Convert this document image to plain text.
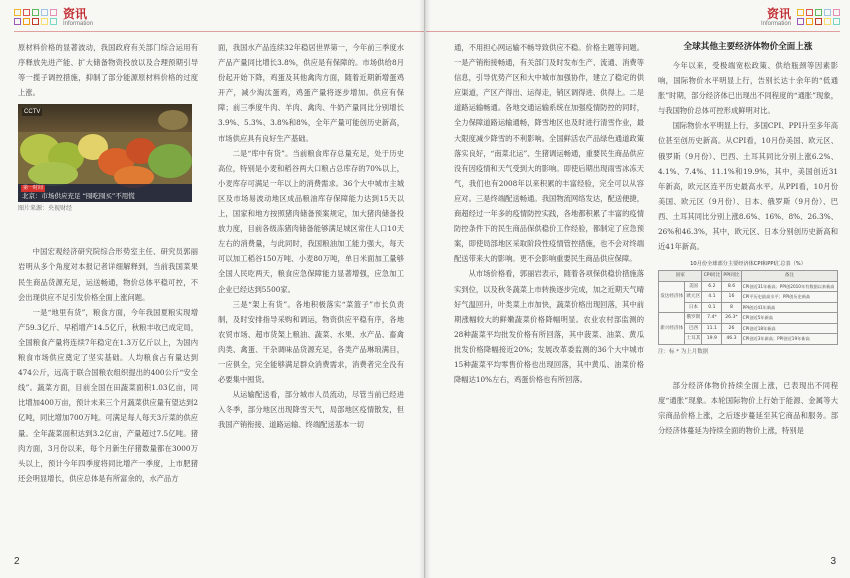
资讯
Information

原材料价格的显著波动，我国政府有关部门综合运用有序释放先进产能、扩大储备物资投放以及合理预期引导等一揽子调控措施，抑制了部分能源原材料价格的过度上涨。

CCTV
第一时间
北京：市场供应充足 “囤吃囤买”不用慌
图片来源：央视财经

中国宏观经济研究院综合形势室主任、研究员郭丽岩明从多个角度对本报记者详细解释到，当前我国菜果民生商品货源充足，运送畅通，物价总体平稳可控，不会出现供应不足引发价格全面上涨问题。

一是“地里有货”，粮食方面，今年我国夏粮实现增产59.3亿斤、早稻增产14.5亿斤，秋粮丰收已成定局，全国粮食产量将连续7年稳定在1.3万亿斤以上，为国内粮食市场供应奠定了坚实基础。人均粮食占有量达到474公斤，远高于联合国粮农组织提出的400公斤“安全线”。蔬菜方面，目前全国在田蔬菜面积1.03亿亩，同比增加400万亩，预计未来三个月蔬菜供应量有望达到2亿吨，同比增加700万吨。可满足每人每天3斤菜的供应量。全年蔬菜面积达到3.2亿亩，产量超过7.5亿吨。猪肉方面，3月份以来，每个月新生仔猪数量都在3000万头以上，预计今年四季度将同比增产一季度，上市肥猪还会明显增长，供应总体是有所富余的，水产品方

面，我国水产品连续32年稳居世界第一，今年前三季度水产品产量同比增长3.8%，供应是有保障的。市场供给8月份起开始下降，鸡蛋及其他禽肉方面，随着近期新增蛋鸡开产，减少淘汰蛋鸡，鸡蛋产量将逐步增加。供应有保障；前三季度牛肉、羊肉、禽肉、牛奶产量同比分别增长3.9%、5.3%、3.8%和8%，全年产量可能创历史新高，市场供应具有良好生产基础。

二是“库中有货”。当前粮食库存总量充足，处于历史高位，特别是小麦和稻谷两大口粮占总库存的70%以上，小麦库存可满足一年以上的消费需求。36个大中城市主城区及市场易波动地区成品粮油库存保障能力达到15天以上，国家和地方按照猪肉储备预案规定，加大猪肉储备投放力度，目前各级冻猪肉储备能够满足城区常住人口10天左右的消费量，与此同时，我国粮油加工能力强大，每天可以加工稻谷150万吨、小麦80万吨，单日米面加工量够全国人民吃两天，粮食应急保障能力显著增强，应急加工企业已经达到5500家。

三是“架上有货”。各地积极落实“菜篮子”市长负责制，及时安排指导采购和调运，物资供应平稳有序，各地农贸市场、超市货架上粮油、蔬菜、水果、水产品、畜禽肉类、禽蛋、干杂调味品货源充足，各类产品琳琅满目，一应俱全，完全能够满足群众消费需求，消费者完全没有必要集中囤货。

从运输配送看，部分城市人员流动，尽管当前已经进入冬季，部分地区出现降雪天气，局部地区疫情散发，但我国产销衔接、道路运输、终端配送基本一切

2
资讯
Information

通，不用担心网运输不畅导致供应不稳。价格主题等问题。一是产销衔接畅通，有关部门及时发布生产、流通、消费等信息，引导优势产区和大中城市加强协作，建立了稳定的供应渠道，产区产得出、运得走，销区调得进、供得上。二是道路运输畅通。各地交通运输系统在加强疫情防控的同时，全力保障道路运输通畅，降雪地区也及时进行清雪作业，最大限度减少降雪的不利影响。全国鲜活农产品绿色通道政策落实良好，“南菜北运”、生猪调运畅通，重要民生商品供应没有因疫情和天气受到大的影响。即使后期出现雨雪冰冻天气，我们也有2008年以来积累的丰富经验，完全可以从容应对。三是终端配送畅通。我国物流网络发达，配送便捷，商超经过一年多的疫情防控实践，各地都积累了丰富的疫情防控条件下的民生商品保供稳价工作经验，都制定了应急预案，即使局部地区采取阶段性疫情管控措施，也不会对终端配送带来大的影响。更不会影响重要民生商品供应保障。

从市场价格看，郭丽岩表示，随着各项保供稳价措施落实到位，以及秋冬蔬菜上市转换逐步完成，加之近期天气晴好气温回升，叶类菜上市加快，蔬菜价格出现回落，其中前期涨幅较大的鲜嫩蔬菜价格降幅明显。农业农村部监测的28种蔬菜平均批发价格有所回落，其中菠菜、油菜、黄瓜批发价格降幅接近20%；发展改革委监测的36个大中城市15种蔬菜平均零售价格也出现回落，其中黄瓜、油菜价格降幅达10%左右，鸡蛋价格也有所回落。

全球其他主要经济体物价全面上涨

今年以来，受极端宽松政策、供给瓶颈等因素影响，国际物价水平明显上行，告别长达十余年的“低通胀”时期，部分经济体已出现出不同程度的“通胀”现象，与我国物价总体可控形成鲜明对比。

国际物价水平明显上行，多国CPI、PPI升至多年高位甚至创历史新高。从CPI看，10月份美国、欧元区、俄罗斯（9月份）、巴西、土耳其同比分别上涨6.2%、4.1%、7.4%、11.1%和19.9%，其中，美国创近31年新高，欧元区连平历史最高水平。从PPI看，10月份美国、欧元区（9月份）、日本、俄罗斯（9月份）、巴西、土耳其同比分别上涨8.6%、16%、8%、26.3%、26%和46.3%，其中，欧元区、日本分别创历史新高和近41年新高。

10月份全球部分主要经济体CPI和PPI汇总表（%）
国家		CPI同比	PPI同比	备注
发达经济体	美国	6.2	8.6	CPI创近31年新高；PPI创2010年有数据以来新高
	欧元区	4.1	16	CPI平历史最高水平；PPI创历史新高
	日本	0.1	8	PPI创近41年新高
新兴经济体	俄罗斯	7.4*	26.3*	CPI创近5年新高
	巴西	11.1	26	CPI创近18年新高
	土耳其	19.9	46.3	CPI创近3年新高；PPI创近19年新高
注：标 * 为上月数据

部分经济体物价持续全面上涨，已表现出不同程度“通胀”现象。本轮国际物价上行始于能源、金属等大宗商品价格上涨，之后逐步蔓延至其它商品和服务。部分经济体蔓延为持续全面的物价上涨，特别是

3
